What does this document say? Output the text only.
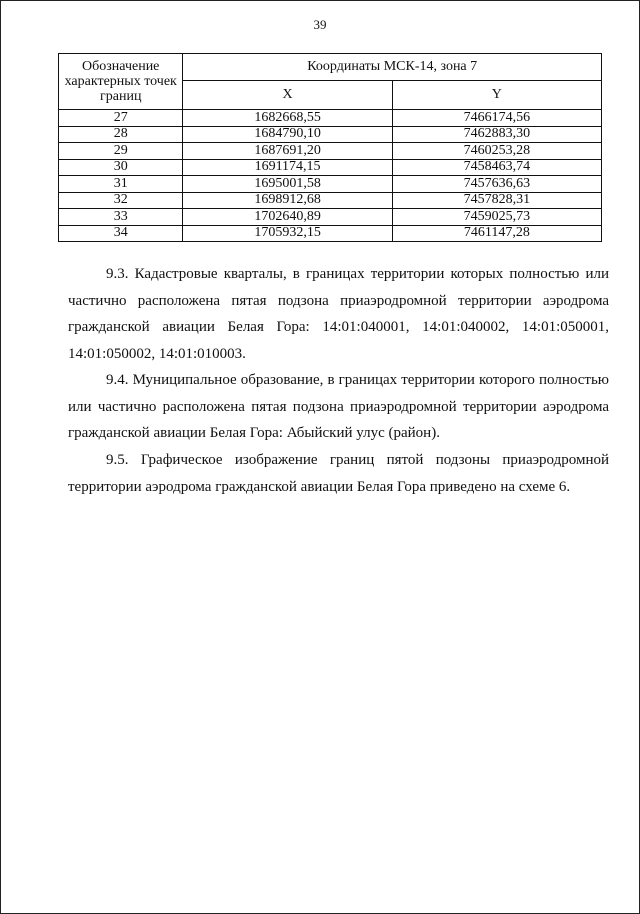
39
Обозначение характерных точек границ	Координаты МСК-14, зона 7	
	X	Y
27	1682668,55	7466174,56
28	1684790,10	7462883,30
29	1687691,20	7460253,28
30	1691174,15	7458463,74
31	1695001,58	7457636,63
32	1698912,68	7457828,31
33	1702640,89	7459025,73
34	1705932,15	7461147,28

9.3. Кадастровые кварталы, в границах территории которых полностью или частично расположена пятая подзона приаэродромной территории аэродрома гражданской авиации Белая Гора: 14:01:040001, 14:01:040002, 14:01:050001, 14:01:050002, 14:01:010003.

9.4. Муниципальное образование, в границах территории которого полностью или частично расположена пятая подзона приаэродромной территории аэродрома гражданской авиации Белая Гора: Абыйский улус (район).

9.5. Графическое изображение границ пятой подзоны приаэродромной территории аэродрома гражданской авиации Белая Гора приведено на схеме 6.
